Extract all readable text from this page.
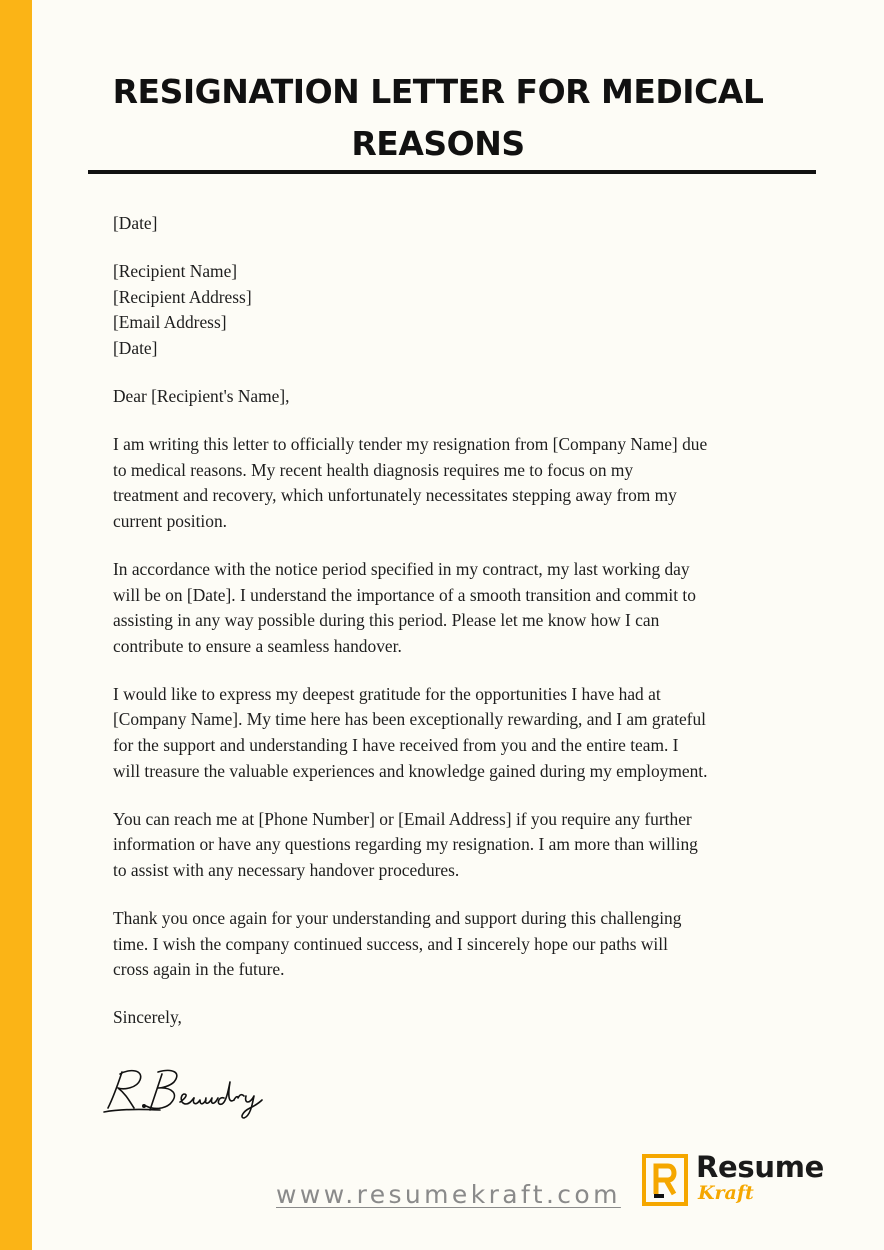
RESIGNATION LETTER FOR MEDICAL
REASONS

[Date]

[Recipient Name]

[Recipient Address]

[Email Address]

[Date]

Dear [Recipient's Name],

I am writing this letter to officially tender my resignation from [Company Name] due

to medical reasons. My recent health diagnosis requires me to focus on my

treatment and recovery, which unfortunately necessitates stepping away from my

current position.

In accordance with the notice period specified in my contract, my last working day

will be on [Date]. I understand the importance of a smooth transition and commit to

assisting in any way possible during this period. Please let me know how I can

contribute to ensure a seamless handover.

I would like to express my deepest gratitude for the opportunities I have had at

[Company Name]. My time here has been exceptionally rewarding, and I am grateful

for the support and understanding I have received from you and the entire team. I

will treasure the valuable experiences and knowledge gained during my employment.

You can reach me at [Phone Number] or [Email Address] if you require any further

information or have any questions regarding my resignation. I am more than willing

to assist with any necessary handover procedures.

Thank you once again for your understanding and support during this challenging

time. I wish the company continued success, and I sincerely hope our paths will

cross again in the future.

Sincerely,

www.resumekraft.com
Resume
Kraft
